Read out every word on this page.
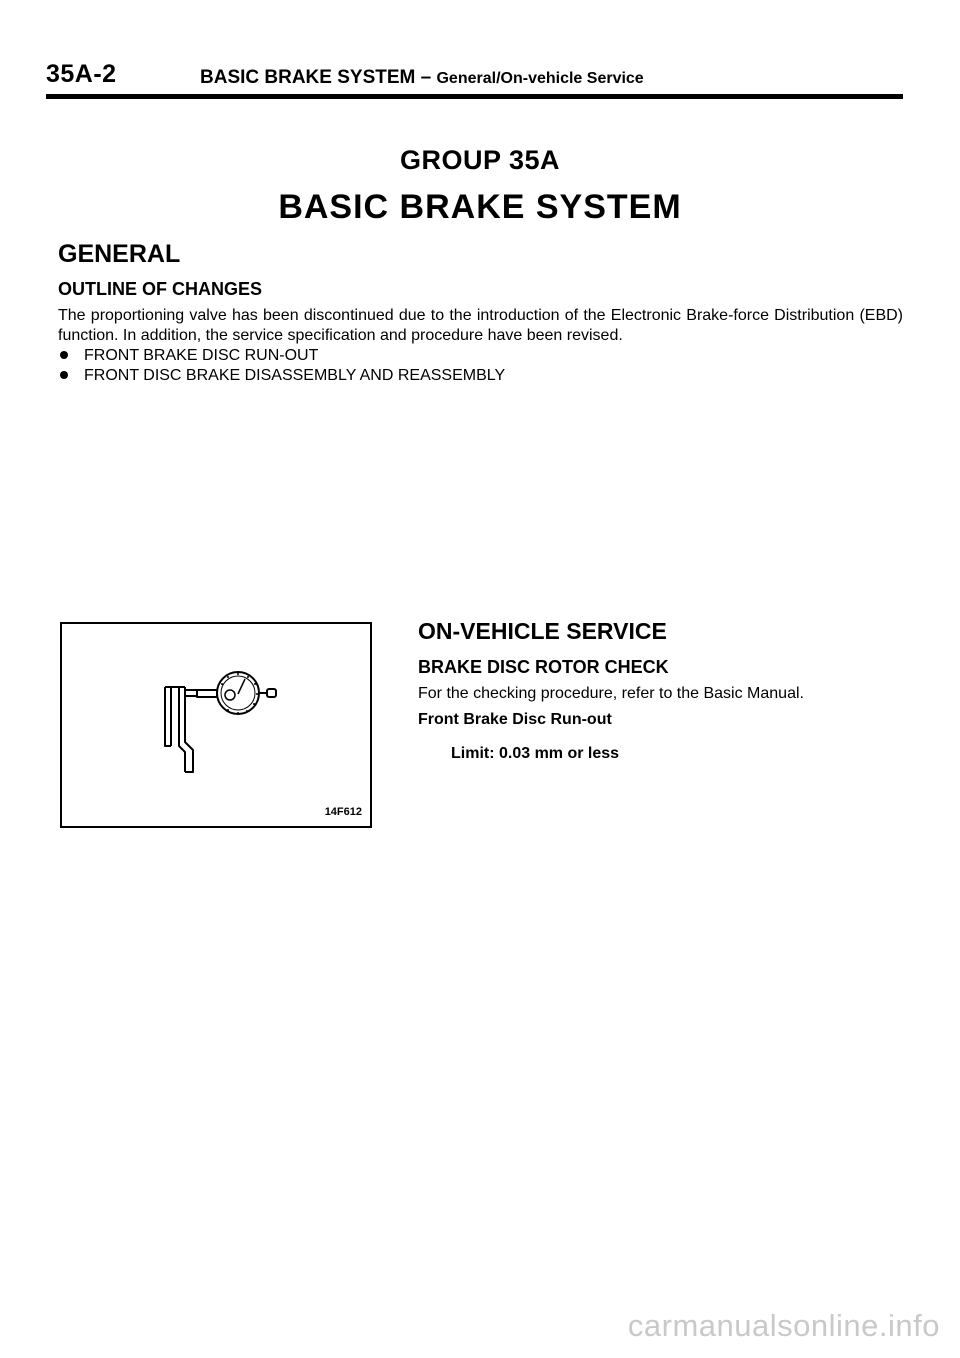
35A-2	BASIC BRAKE SYSTEM – General/On-vehicle Service
GROUP 35A
BASIC BRAKE SYSTEM
GENERAL
OUTLINE OF CHANGES
The proportioning valve has been discontinued due to the introduction of the Electronic Brake-force Distribution (EBD) function. In addition, the service specification and procedure have been revised.
FRONT BRAKE DISC RUN-OUT
FRONT DISC BRAKE DISASSEMBLY AND REASSEMBLY
14F612
ON-VEHICLE SERVICE
BRAKE DISC ROTOR CHECK
For the checking procedure, refer to the Basic Manual.
Front Brake Disc Run-out
Limit: 0.03 mm or less
carmanualsonline.info
